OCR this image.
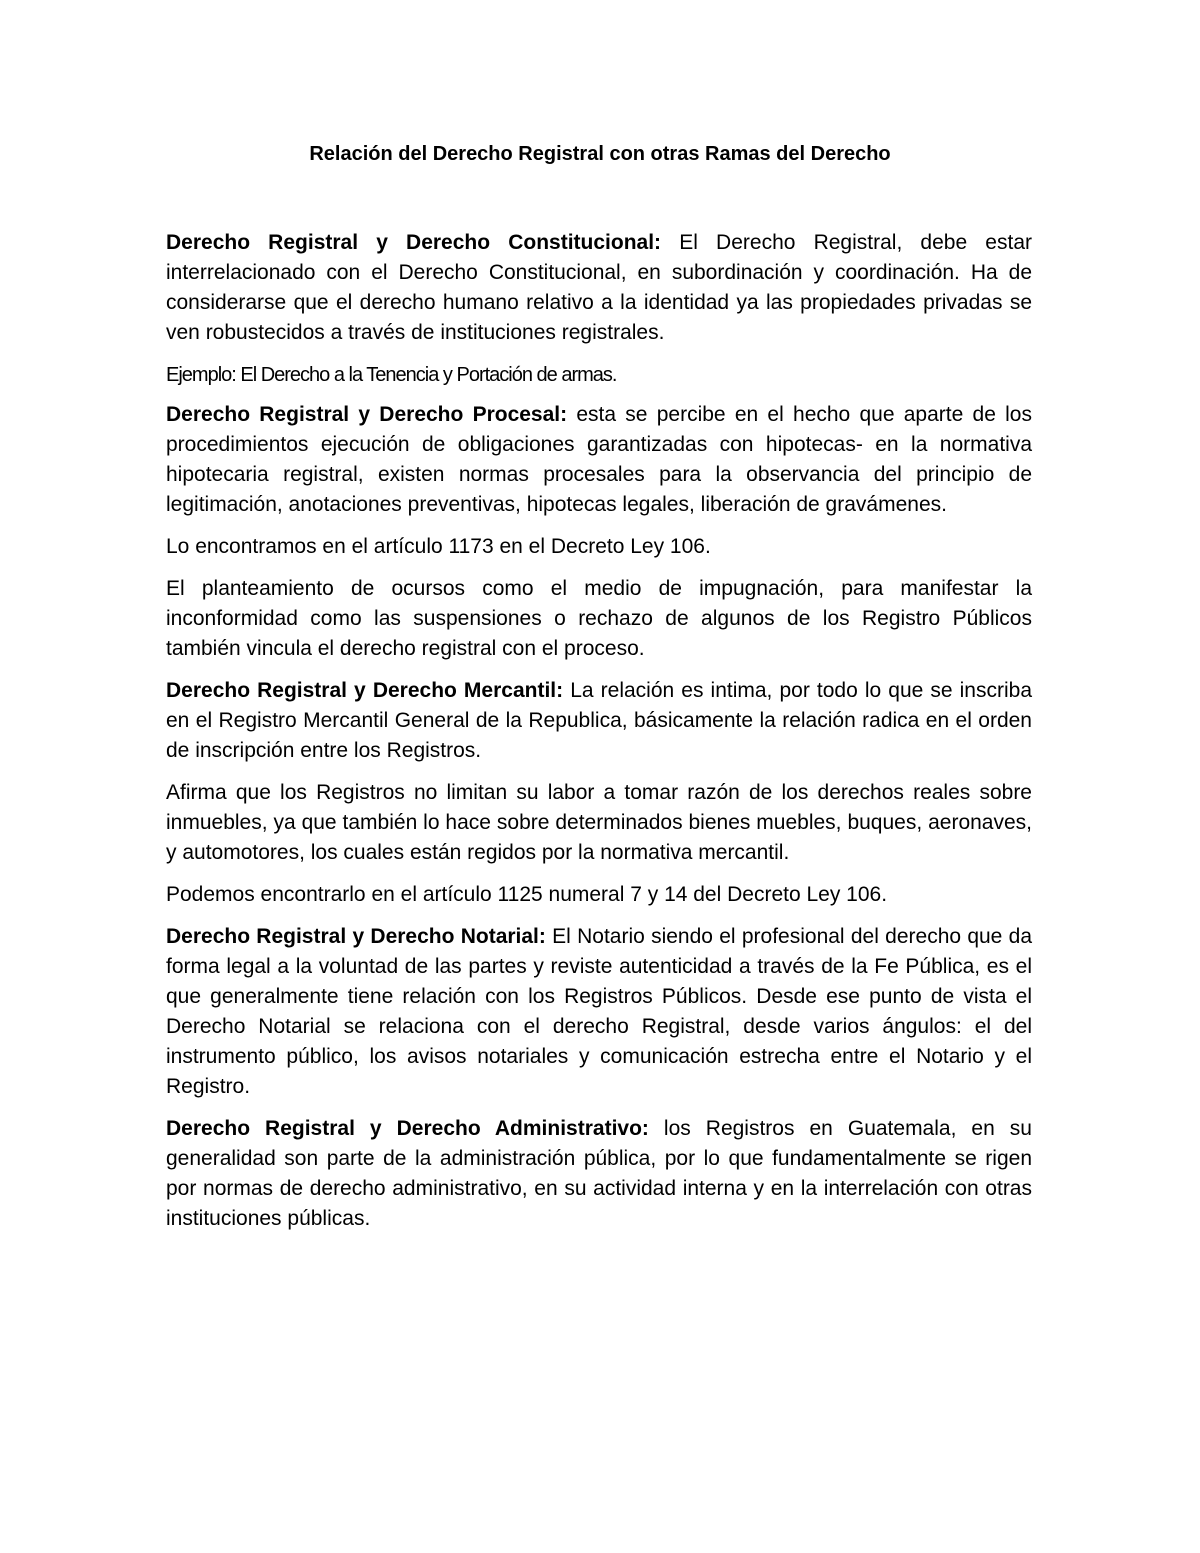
Relación del Derecho Registral con otras Ramas del Derecho

Derecho Registral y Derecho Constitucional: El Derecho Registral, debe estar interrelacionado con el Derecho Constitucional, en subordinación y coordinación. Ha de considerarse que el derecho humano relativo a la identidad ya las propiedades privadas se ven robustecidos a través de instituciones registrales.

Ejemplo: El Derecho a la Tenencia y Portación de armas.

Derecho Registral y Derecho Procesal: esta se percibe en el hecho que aparte de los procedimientos ejecución de obligaciones garantizadas con hipotecas- en la normativa hipotecaria registral, existen normas procesales para la observancia del principio de legitimación, anotaciones preventivas, hipotecas legales, liberación de gravámenes.

Lo encontramos en el artículo 1173 en el Decreto Ley 106.

El planteamiento de ocursos como el medio de impugnación, para manifestar la inconformidad como las suspensiones o rechazo de algunos de los Registro Públicos también vincula el derecho registral con el proceso.

Derecho Registral y Derecho Mercantil: La relación es intima, por todo lo que se inscriba en el Registro Mercantil General de la Republica, básicamente la relación radica en el orden de inscripción entre los Registros.

Afirma que los Registros no limitan su labor a tomar razón de los derechos reales sobre inmuebles, ya que también lo hace sobre determinados bienes muebles, buques, aeronaves, y automotores, los cuales están regidos por la normativa mercantil.

Podemos encontrarlo en el artículo 1125 numeral 7 y 14 del Decreto Ley 106.

Derecho Registral y Derecho Notarial: El Notario siendo el profesional del derecho que da forma legal a la voluntad de las partes y reviste autenticidad a través de la Fe Pública, es el que generalmente tiene relación con los Registros Públicos. Desde ese punto de vista el Derecho Notarial se relaciona con el derecho Registral, desde varios ángulos: el del instrumento público, los avisos notariales y comunicación estrecha entre el Notario y el Registro.

Derecho Registral y Derecho Administrativo: los Registros en Guatemala, en su generalidad son parte de la administración pública, por lo que fundamentalmente se rigen por normas de derecho administrativo, en su actividad interna y en la interrelación con otras instituciones públicas.
